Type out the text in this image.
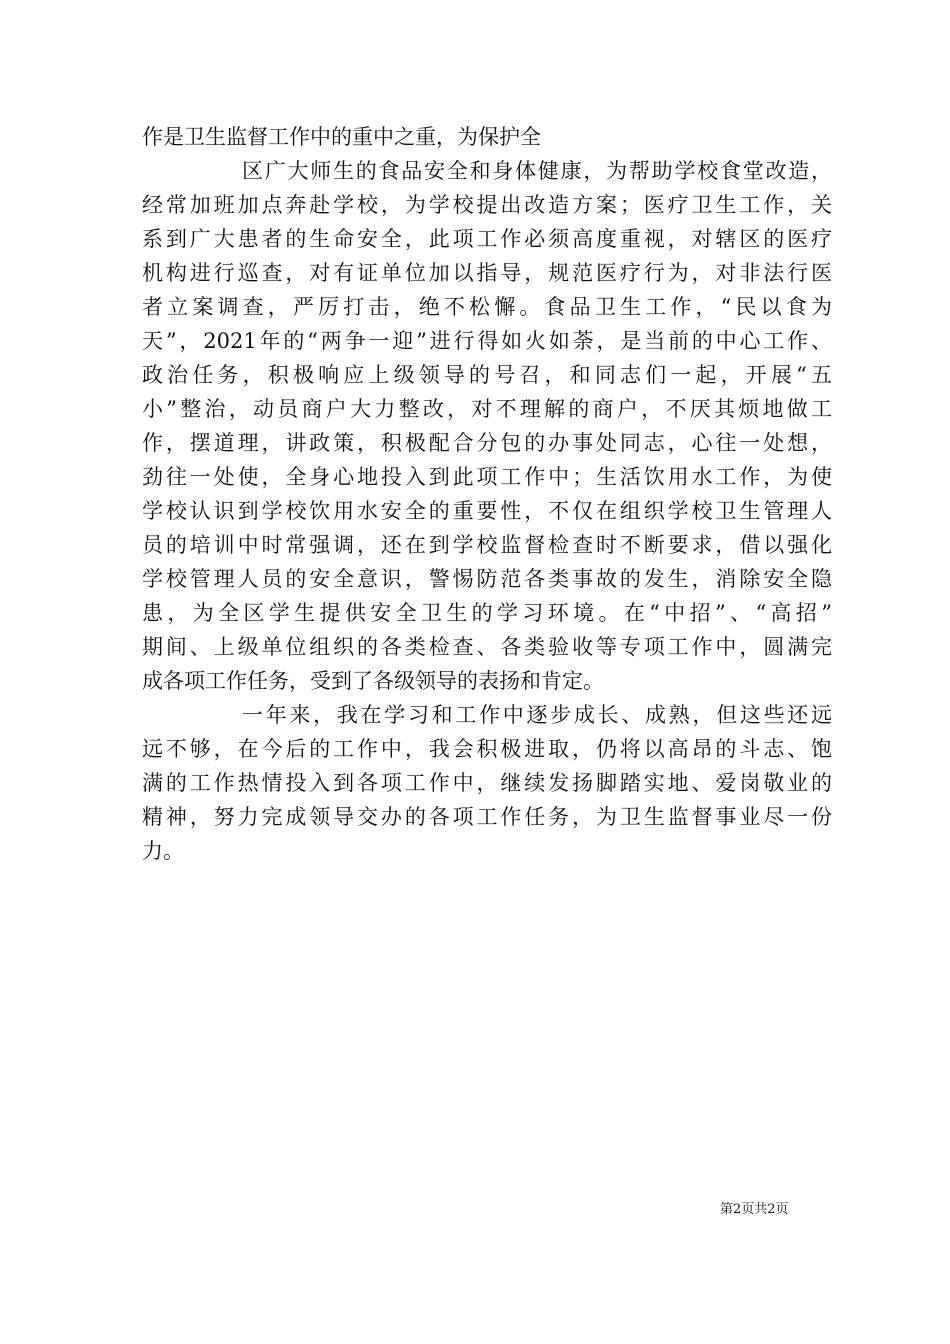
作是卫生监督工作中的重中之重，为保护全
区广大师生的食品安全和身体健康，为帮助学校食堂改造，
经常加班加点奔赴学校，为学校提出改造方案；医疗卫生工作，关
系到广大患者的生命安全，此项工作必须高度重视，对辖区的医疗
机构进行巡查，对有证单位加以指导，规范医疗行为，对非法行医
者立案调查，严厉打击，绝不松懈。食品卫生工作，“民以食为
天”，2021年的“两争一迎”进行得如火如荼，是当前的中心工作、
政治任务，积极响应上级领导的号召，和同志们一起，开展“五
小”整治，动员商户大力整改，对不理解的商户，不厌其烦地做工
作，摆道理，讲政策，积极配合分包的办事处同志，心往一处想，
劲往一处使，全身心地投入到此项工作中；生活饮用水工作，为使
学校认识到学校饮用水安全的重要性，不仅在组织学校卫生管理人
员的培训中时常强调，还在到学校监督检查时不断要求，借以强化
学校管理人员的安全意识，警惕防范各类事故的发生，消除安全隐
患，为全区学生提供安全卫生的学习环境。在“中招”、“高招”
期间、上级单位组织的各类检查、各类验收等专项工作中，圆满完
成各项工作任务，受到了各级领导的表扬和肯定。
一年来，我在学习和工作中逐步成长、成熟，但这些还远
远不够，在今后的工作中，我会积极进取，仍将以高昂的斗志、饱
满的工作热情投入到各项工作中，继续发扬脚踏实地、爱岗敬业的
精神，努力完成领导交办的各项工作任务，为卫生监督事业尽一份
力。
第2页共2页
